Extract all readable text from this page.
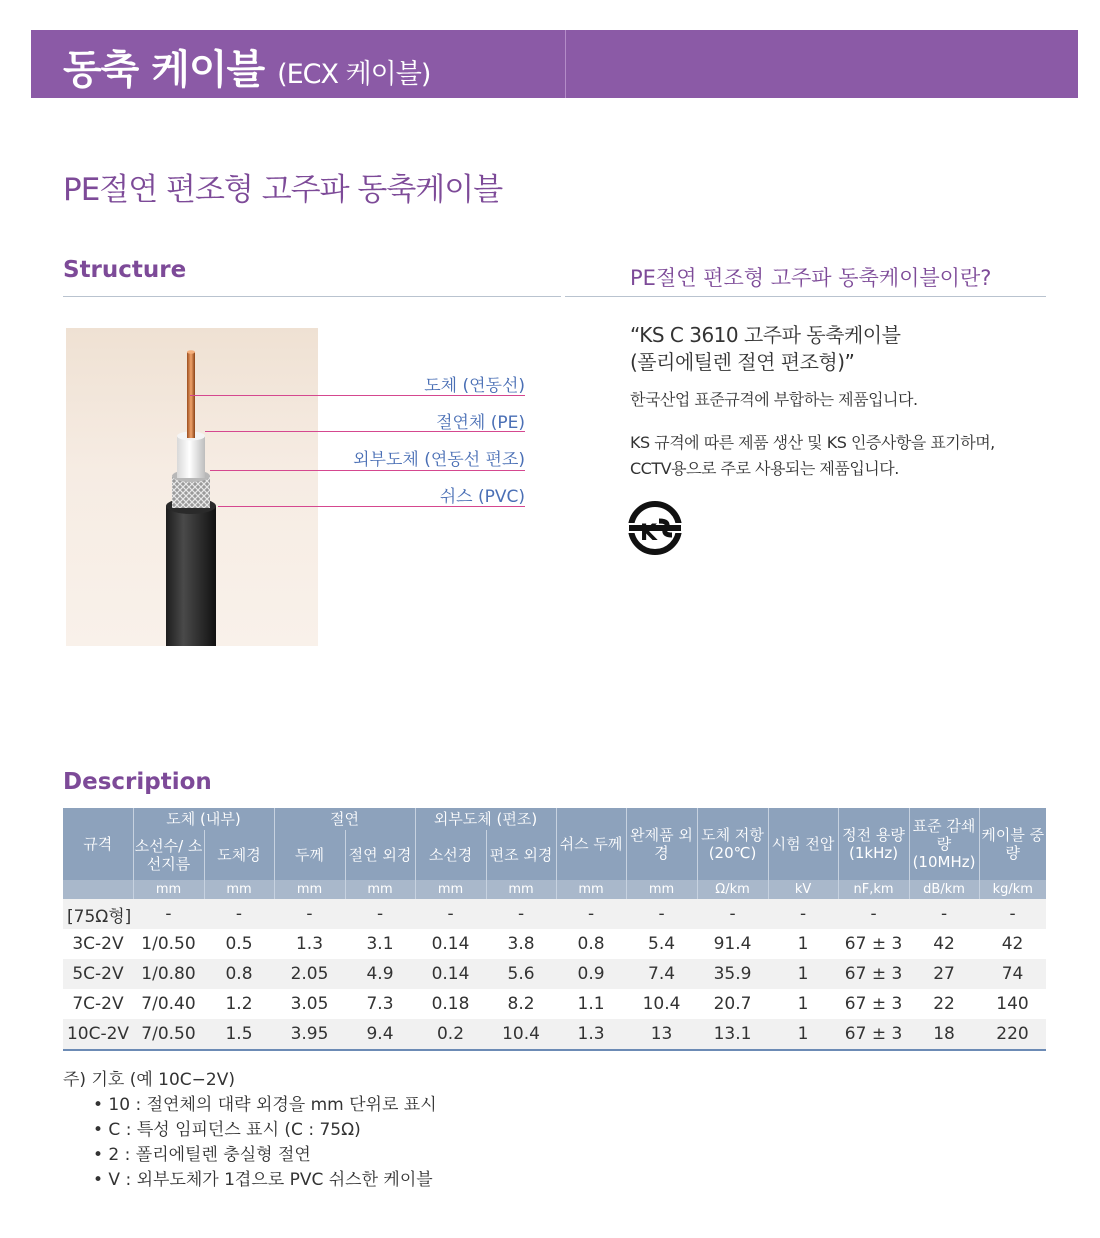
동축 케이블 (ECX 케이블)
PE절연 편조형 고주파 동축케이블
Structure
도체 (연동선)
절연체 (PE)
외부도체 (연동선 편조)
쉬스 (PVC)
PE절연 편조형 고주파 동축케이블이란?
“KS C 3610 고주파 동축케이블
(폴리에틸렌 절연 편조형)”
한국산업 표준규격에 부합하는 제품입니다.
KS 규격에 따른 제품 생산 및 KS 인증사항을 표기하며,
CCTV용으로 주로 사용되는 제품입니다.
K
Description
규격	도체 (내부)		절연		외부도체 (편조)		쉬스 두께	완제품 외경	도체 저항 (20℃)	시험 전압	정전 용량 (1kHz)	표준 감쇄량 (10MHz)	케이블 중량
	소선수/ 소선지름	도체경	두께	절연 외경	소선경	편조 외경							
	mm	mm	mm	mm	mm	mm	mm	mm	Ω/km	kV	nF,km	dB/km	kg/km
[75Ω형]	-	-	-	-	-	-	-	-	-	-	-	-	-
3C-2V	1/0.50	0.5	1.3	3.1	0.14	3.8	0.8	5.4	91.4	1	67 ± 3	42	42
5C-2V	1/0.80	0.8	2.05	4.9	0.14	5.6	0.9	7.4	35.9	1	67 ± 3	27	74
7C-2V	7/0.40	1.2	3.05	7.3	0.18	8.2	1.1	10.4	20.7	1	67 ± 3	22	140
10C-2V	7/0.50	1.5	3.95	9.4	0.2	10.4	1.3	13	13.1	1	67 ± 3	18	220
주) 기호 (예 10C−2V)
• 10 : 절연체의 대략 외경을 mm 단위로 표시
• C : 특성 임피던스 표시 (C : 75Ω)
• 2 : 폴리에틸렌 충실형 절연
• V : 외부도체가 1겹으로 PVC 쉬스한 케이블
